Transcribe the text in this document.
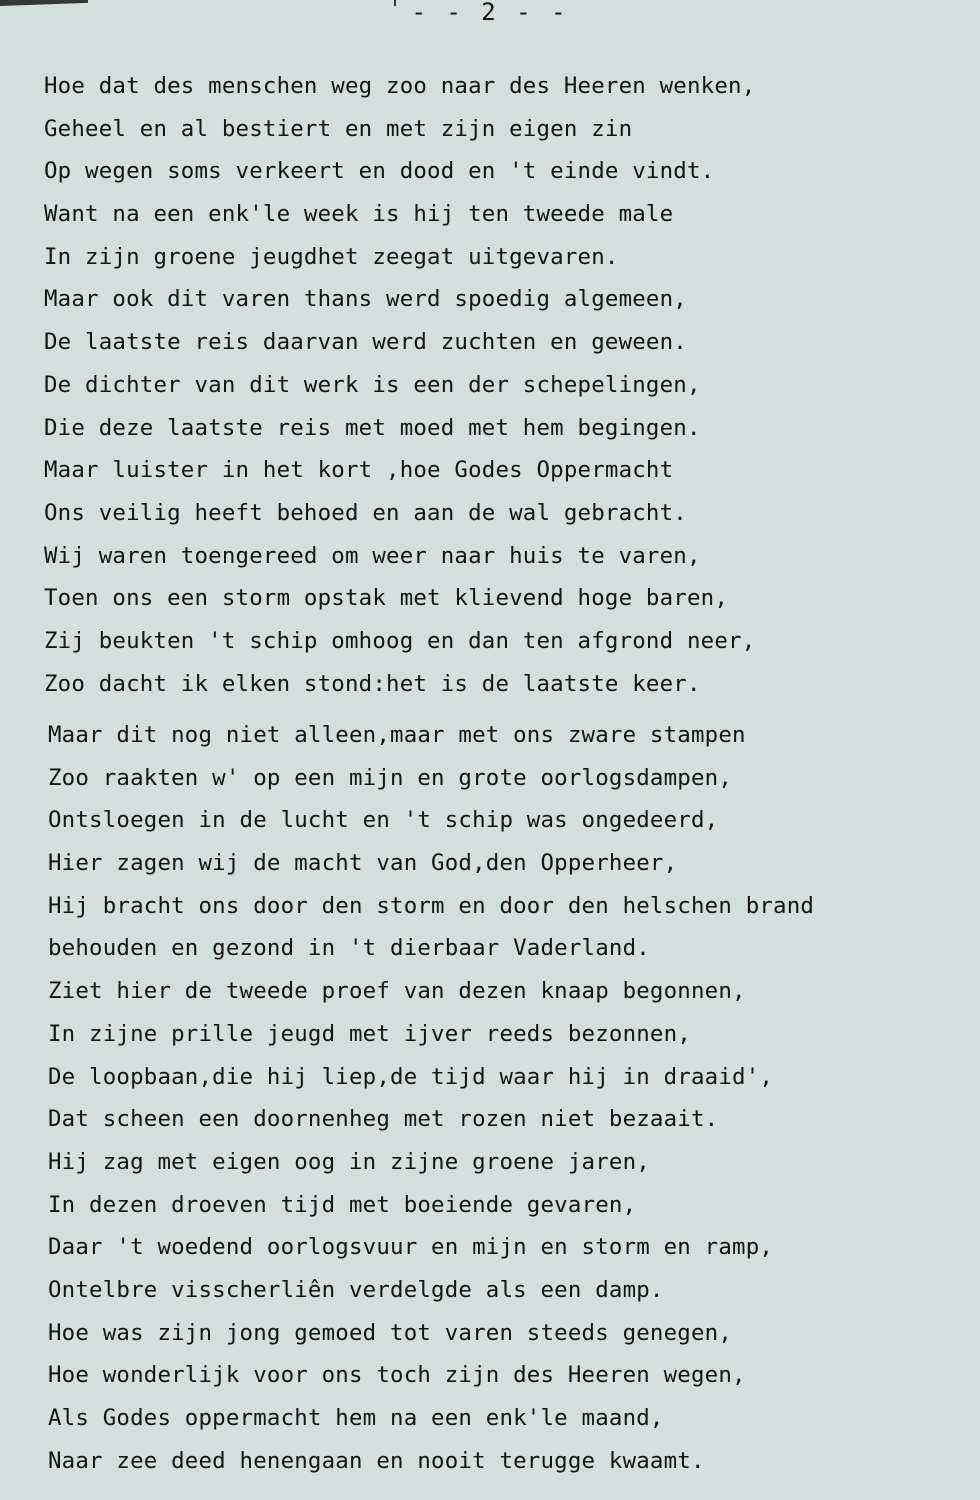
- - 2 - -
Hoe dat des menschen weg zoo naar des Heeren wenken,
Geheel en al bestiert en met zijn eigen zin
Op wegen soms verkeert en dood en 't einde vindt.
Want na een enk'le week is hij ten tweede male
In zijn groene jeugdhet zeegat uitgevaren.
Maar ook dit varen thans werd spoedig algemeen,
De laatste reis daarvan werd zuchten en geween.
De dichter van dit werk is een der schepelingen,
Die deze laatste reis met moed met hem begingen.
Maar luister in het kort ,hoe Godes Oppermacht
Ons veilig heeft behoed en aan de wal gebracht.
Wij waren toengereed om weer naar huis te varen,
Toen ons een storm opstak met klievend hoge baren,
Zij beukten 't schip omhoog en dan ten afgrond neer,
Zoo dacht ik elken stond:het is de laatste keer.
Maar dit nog niet alleen,maar met ons zware stampen
Zoo raakten w' op een mijn en grote oorlogsdampen,
Ontsloegen in de lucht en 't schip was ongedeerd,
Hier zagen wij de macht van God,den Opperheer,
Hij bracht ons door den storm en door den helschen brand
behouden en gezond in 't dierbaar Vaderland.
Ziet hier de tweede proef van dezen knaap begonnen,
In zijne prille jeugd met ijver reeds bezonnen,
De loopbaan,die hij liep,de tijd waar hij in draaid',
Dat scheen een doornenheg met rozen niet bezaait.
Hij zag met eigen oog in zijne groene jaren,
In dezen droeven tijd met boeiende gevaren,
Daar 't woedend oorlogsvuur en mijn en storm en ramp,
Ontelbre visscherliên verdelgde als een damp.
Hoe was zijn jong gemoed tot varen steeds genegen,
Hoe wonderlijk voor ons toch zijn des Heeren wegen,
Als Godes oppermacht hem na een enk'le maand,
Naar zee deed henengaan en nooit terugge kwaamt.
